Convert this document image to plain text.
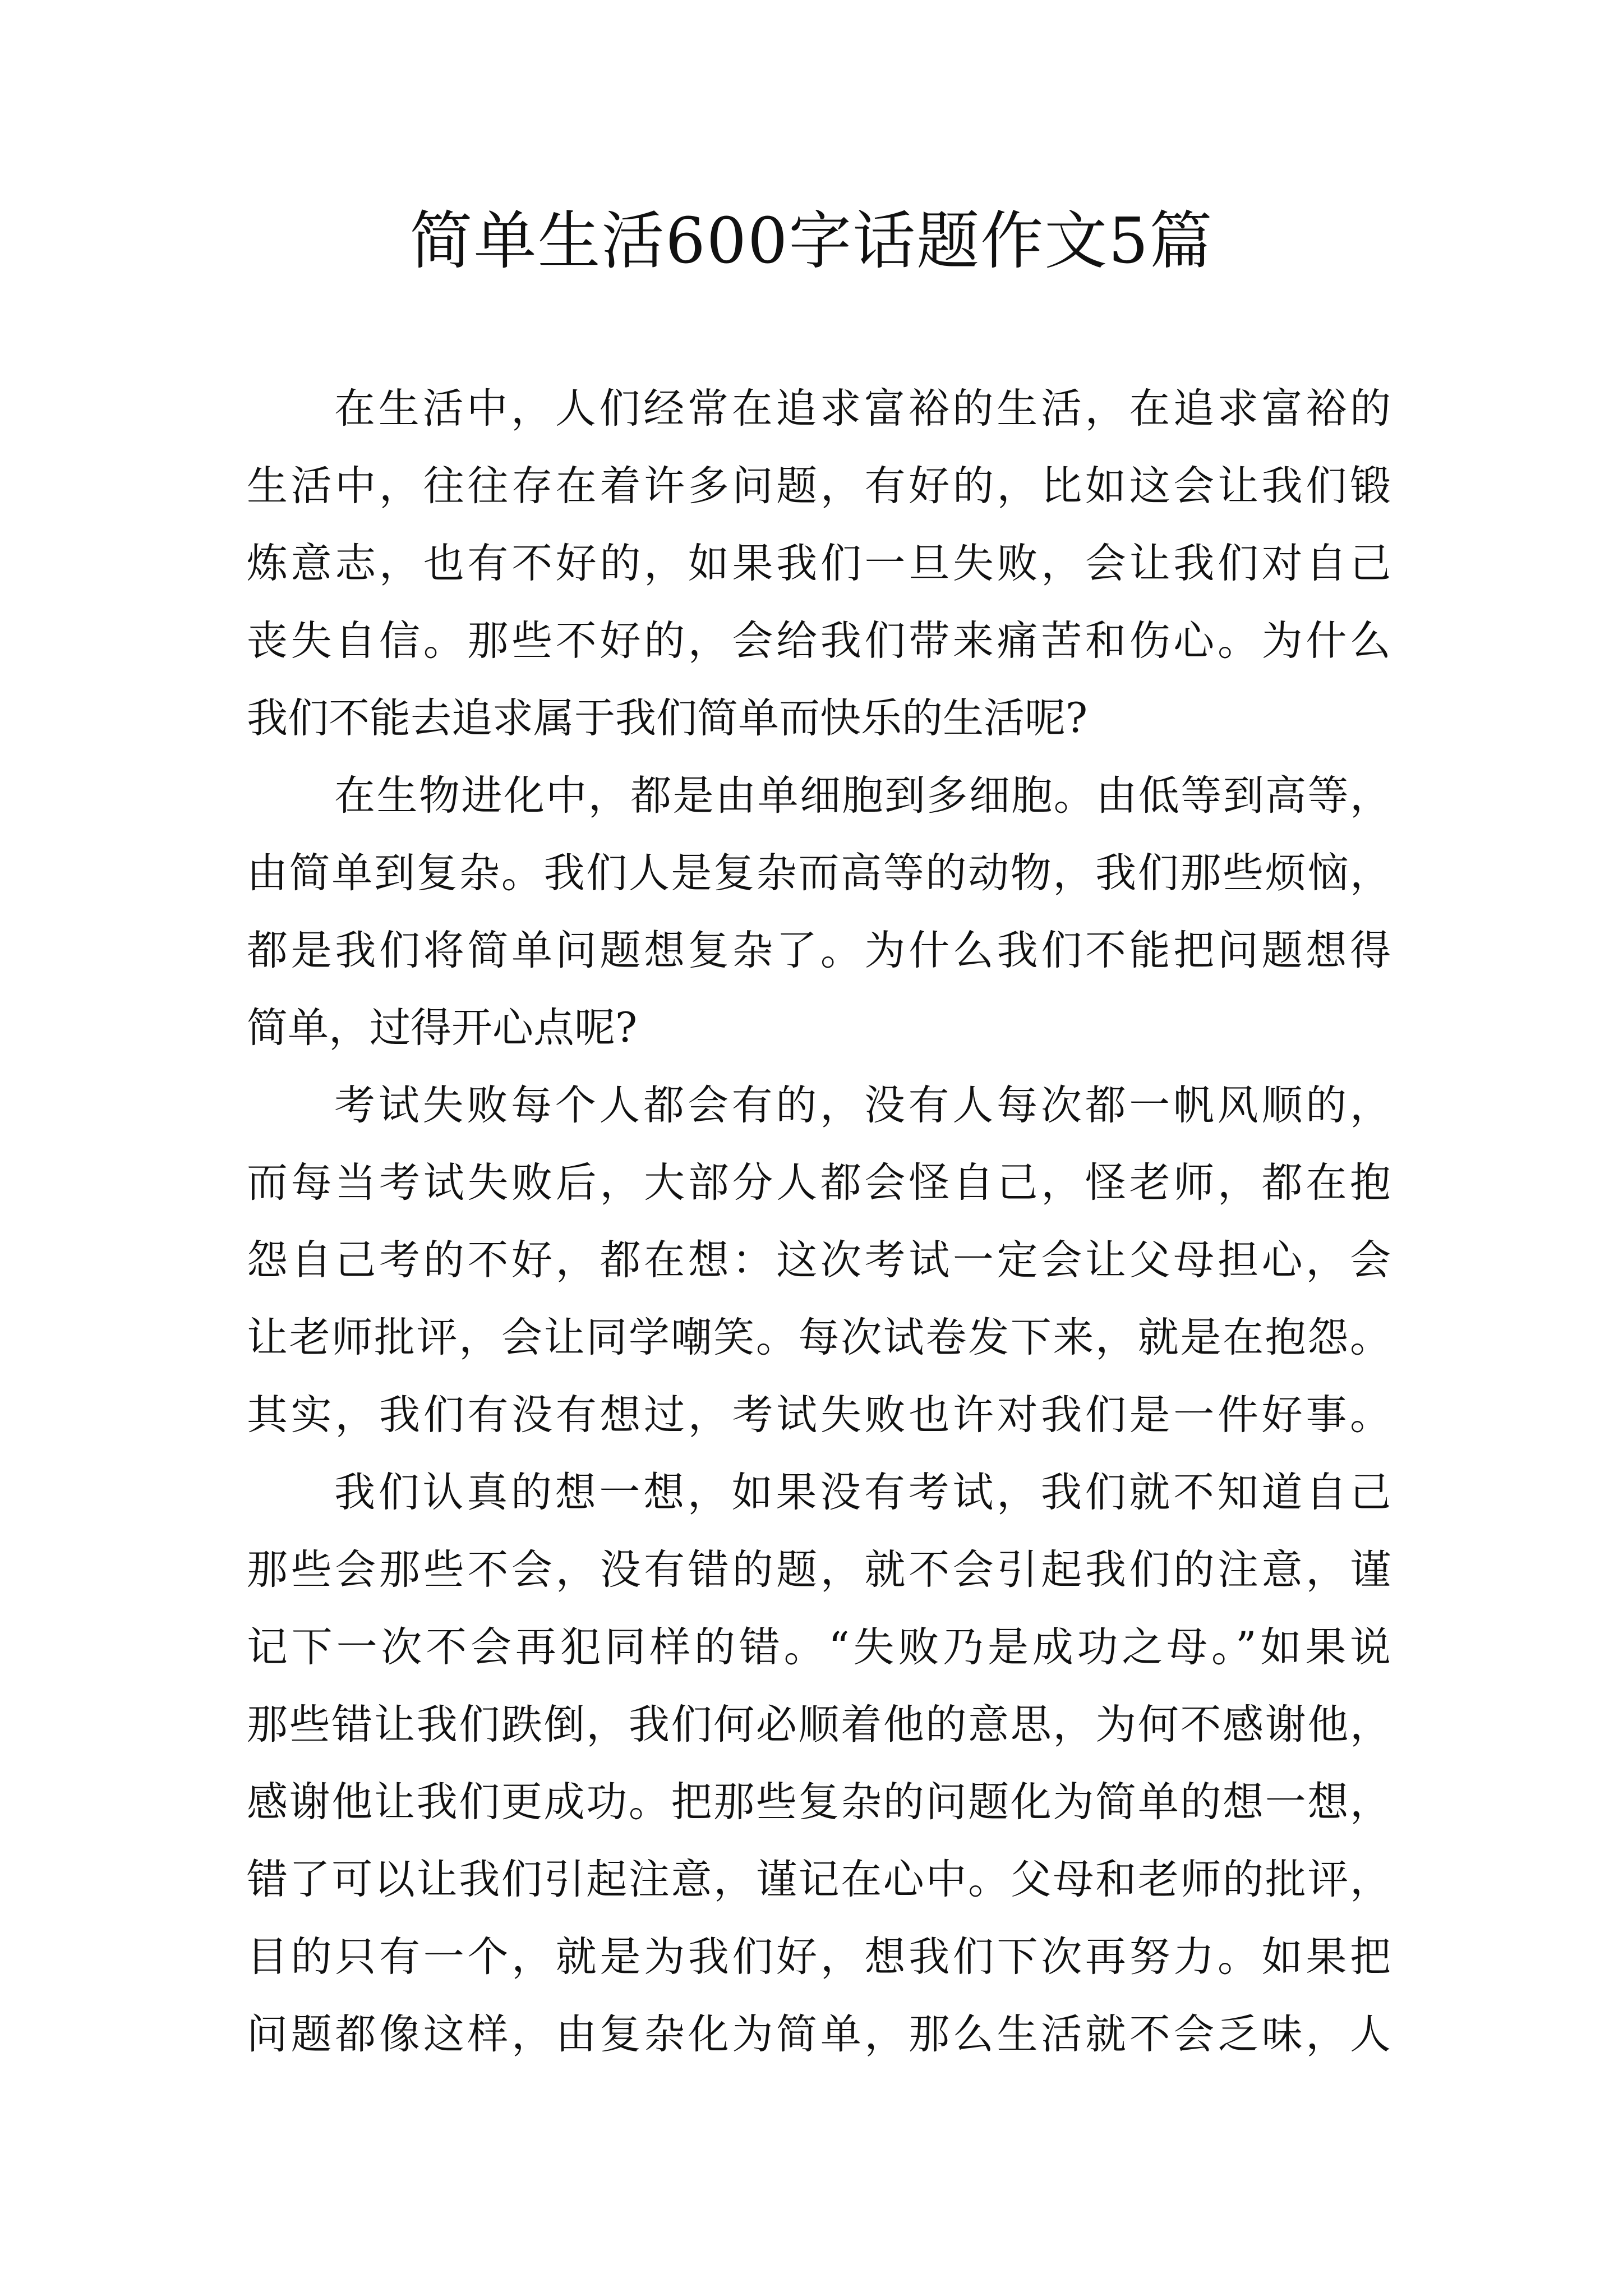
简单生活600字话题作文5篇
在生活中，人们经常在追求富裕的生活，在追求富裕的
生活中，往往存在着许多问题，有好的，比如这会让我们锻
炼意志，也有不好的，如果我们一旦失败，会让我们对自己
丧失自信。那些不好的，会给我们带来痛苦和伤心。为什么
我们不能去追求属于我们简单而快乐的生活呢?
在生物进化中，都是由单细胞到多细胞。由低等到高等，
由简单到复杂。我们人是复杂而高等的动物，我们那些烦恼，
都是我们将简单问题想复杂了。为什么我们不能把问题想得
简单，过得开心点呢?
考试失败每个人都会有的，没有人每次都一帆风顺的，
而每当考试失败后，大部分人都会怪自己，怪老师，都在抱
怨自己考的不好，都在想：这次考试一定会让父母担心，会
让老师批评，会让同学嘲笑。每次试卷发下来，就是在抱怨。
其实，我们有没有想过，考试失败也许对我们是一件好事。
我们认真的想一想，如果没有考试，我们就不知道自己
那些会那些不会，没有错的题，就不会引起我们的注意，谨
记下一次不会再犯同样的错。“失败乃是成功之母。”如果说
那些错让我们跌倒，我们何必顺着他的意思，为何不感谢他，
感谢他让我们更成功。把那些复杂的问题化为简单的想一想，
错了可以让我们引起注意，谨记在心中。父母和老师的批评，
目的只有一个，就是为我们好，想我们下次再努力。如果把
问题都像这样，由复杂化为简单，那么生活就不会乏味，人
